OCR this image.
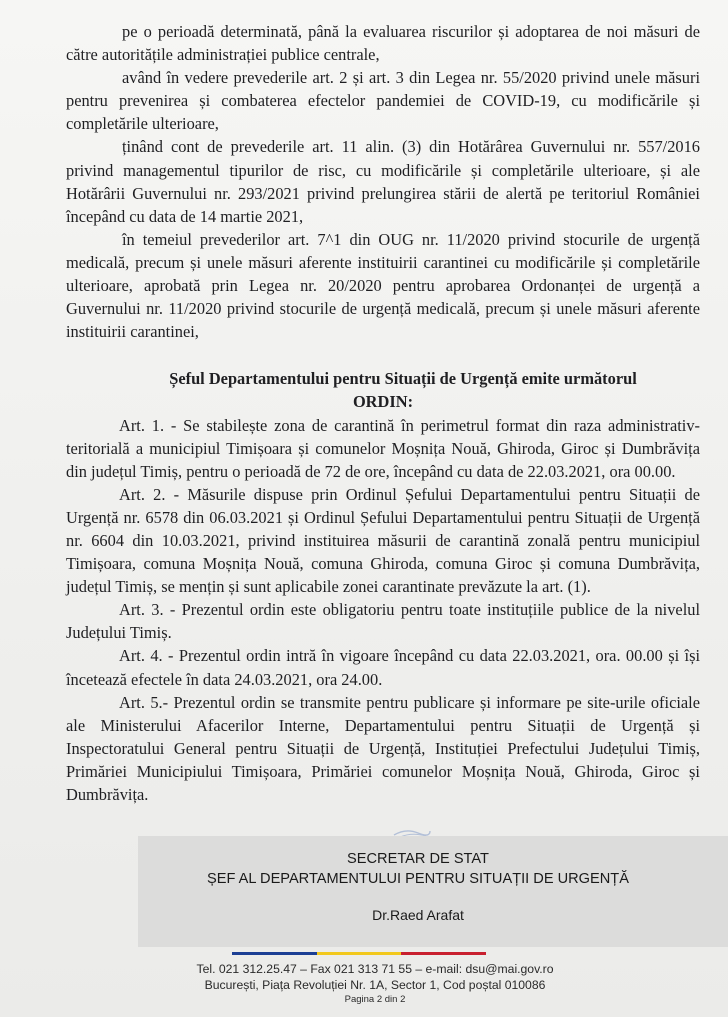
pe o perioadă determinată, până la evaluarea riscurilor și adoptarea de noi măsuri de către autoritățile administrației publice centrale,

având în vedere prevederile art. 2 și art. 3 din Legea nr. 55/2020 privind unele măsuri pentru prevenirea și combaterea efectelor pandemiei de COVID-19, cu modificările și completările ulterioare,

ținând cont de prevederile art. 11 alin. (3) din Hotărârea Guvernului nr. 557/2016 privind managementul tipurilor de risc, cu modificările și completările ulterioare, și ale Hotărârii Guvernului nr. 293/2021 privind prelungirea stării de alertă pe teritoriul României începând cu data de 14 martie 2021,

în temeiul prevederilor art. 7^1 din OUG nr. 11/2020 privind stocurile de urgență medicală, precum și unele măsuri aferente instituirii carantinei cu modificările și completările ulterioare, aprobată prin Legea nr. 20/2020 pentru aprobarea Ordonanței de urgență a Guvernului nr. 11/2020 privind stocurile de urgență medicală, precum și unele măsuri aferente instituirii carantinei,

Șeful Departamentului pentru Situații de Urgență emite următorul

ORDIN:

Art. 1. - Se stabilește zona de carantină în perimetrul format din raza administrativ-teritorială a municipiul Timișoara și comunelor Moșnița Nouă, Ghiroda, Giroc și Dumbrăvița din județul Timiș, pentru o perioadă de 72 de ore, începând cu data de 22.03.2021, ora 00.00.

Art. 2. - Măsurile dispuse prin Ordinul Șefului Departamentului pentru Situații de Urgență nr. 6578 din 06.03.2021 și Ordinul Șefului Departamentului pentru Situații de Urgență nr. 6604 din 10.03.2021, privind instituirea măsurii de carantină zonală pentru municipiul Timișoara, comuna Moșnița Nouă, comuna Ghiroda, comuna Giroc și comuna Dumbrăvița, județul Timiș, se mențin și sunt aplicabile zonei carantinate prevăzute la art. (1).

Art. 3. - Prezentul ordin este obligatoriu pentru toate instituțiile publice de la nivelul Județului Timiș.

Art. 4. - Prezentul ordin intră în vigoare începând cu data 22.03.2021, ora. 00.00 și își încetează efectele în data 24.03.2021, ora 24.00.

Art. 5.- Prezentul ordin se transmite pentru publicare și informare pe site-urile oficiale ale Ministerului Afacerilor Interne, Departamentului pentru Situații de Urgență și Inspectoratului General pentru Situații de Urgență, Instituției Prefectului Județului Timiș, Primăriei Municipiului Timișoara, Primăriei comunelor Moșnița Nouă, Ghiroda, Giroc și Dumbrăvița.

SECRETAR DE STAT
ȘEF AL DEPARTAMENTULUI PENTRU SITUAȚII DE URGENȚĂ
Dr.Raed Arafat
Tel. 021 312.25.47 – Fax 021 313 71 55 – e-mail: dsu@mai.gov.ro
București, Piața Revoluției Nr. 1A, Sector 1, Cod poștal 010086
Pagina 2 din 2
